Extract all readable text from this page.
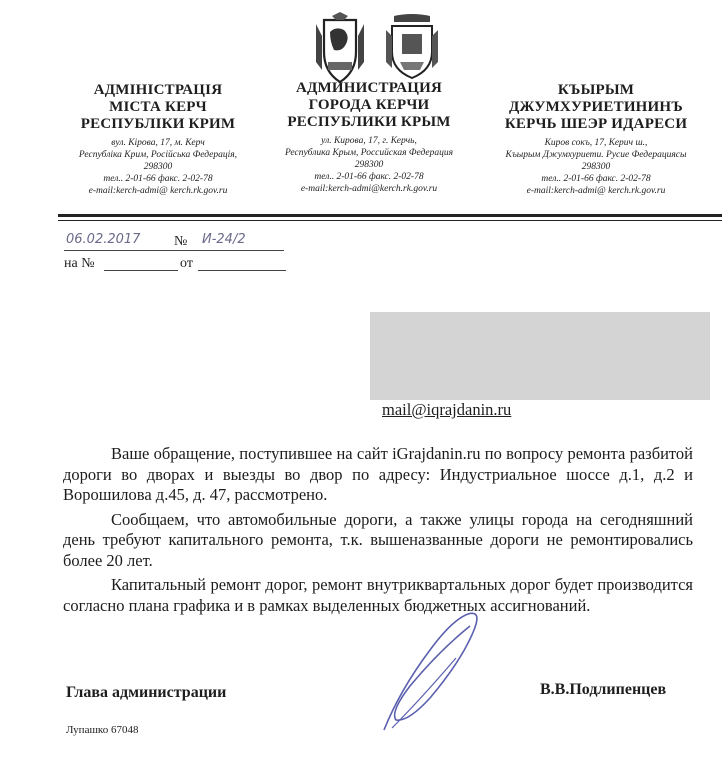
АДМІНІСТРАЦІЯ
МІСТА КЕРЧ
РЕСПУБЛІКИ КРИМ
вул. Кірова, 17, м. Керч
Республіка Крим, Російська Федерація,
298300
тел.. 2-01-66 факс. 2-02-78
e-mail:kerch-admi@ kerch.rk.gov.ru
АДМИНИСТРАЦИЯ
ГОРОДА КЕРЧИ
РЕСПУБЛИКИ КРЫМ
ул. Кирова, 17, г. Керчь,
Республика Крым, Российская Федерация
298300
тел.. 2-01-66 факс. 2-02-78
e-mail:kerch-admi@kerch.rk.gov.ru
КЪЫРЫМ
ДЖУМХУРИЕТИНИНЪ
КЕРЧЬ ШЕЭР ИДАРЕСИ
Киров сокъ, 17, Керич ш.,
Къырым Джумхуриети. Русие Федерациясы
298300
тел.. 2-01-66 факс. 2-02-78
e-mail:kerch-admi@ kerch.rk.gov.ru
06.02.2017 № И-24/2
на №	от
mail@iqrajdanin.ru

Ваше обращение, поступившее на сайт iGrajdanin.ru по вопросу ремонта разбитой дороги во дворах и выезды во двор по адресу: Индустриальное шоссе д.1, д.2 и Ворошилова д.45, д. 47, рассмотрено.

Сообщаем, что автомобильные дороги, а также улицы города на сегодняшний день требуют капитального ремонта, т.к. вышеназванные дороги не ремонтировались более 20 лет.

Капитальный ремонт дорог, ремонт внутриквартальных дорог будет производится согласно плана графика и в рамках выделенных бюджетных ассигнований.

Глава администрации	В.В.Подлипенцев
Лупашко 67048
